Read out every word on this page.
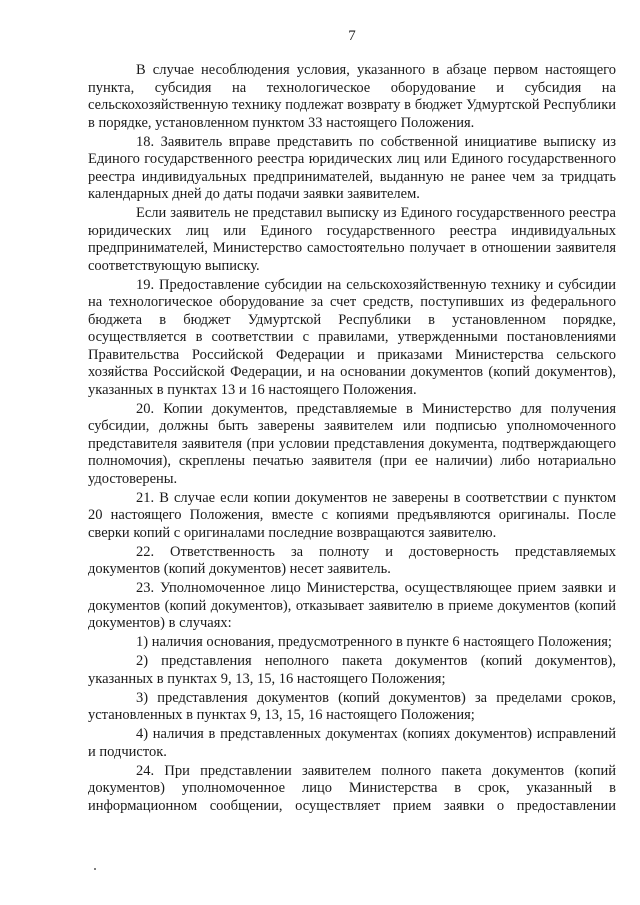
7

В случае несоблюдения условия, указанного в абзаце первом настоящего пункта, субсидия на технологическое оборудование и субсидия на сельскохозяйственную технику подлежат возврату в бюджет Удмуртской Республики в порядке, установленном пунктом 33 настоящего Положения.

18. Заявитель вправе представить по собственной инициативе выписку из Единого государственного реестра юридических лиц или Единого государственного реестра индивидуальных предпринимателей, выданную не ранее чем за тридцать календарных дней до даты подачи заявки заявителем.

Если заявитель не представил выписку из Единого государственного реестра юридических лиц или Единого государственного реестра индивидуальных предпринимателей, Министерство самостоятельно получает в отношении заявителя соответствующую выписку.

19. Предоставление субсидии на сельскохозяйственную технику и субсидии на технологическое оборудование за счет средств, поступивших из федерального бюджета в бюджет Удмуртской Республики в установленном порядке, осуществляется в соответствии с правилами, утвержденными постановлениями Правительства Российской Федерации и приказами Министерства сельского хозяйства Российской Федерации, и на основании документов (копий документов), указанных в пунктах 13 и 16 настоящего Положения.

20. Копии документов, представляемые в Министерство для получения субсидии, должны быть заверены заявителем или подписью уполномоченного представителя заявителя (при условии представления документа, подтверждающего полномочия), скреплены печатью заявителя (при ее наличии) либо нотариально удостоверены.

21. В случае если копии документов не заверены в соответствии с пунктом 20 настоящего Положения, вместе с копиями предъявляются оригиналы. После сверки копий с оригиналами последние возвращаются заявителю.

22. Ответственность за полноту и достоверность представляемых документов (копий документов) несет заявитель.

23. Уполномоченное лицо Министерства, осуществляющее прием заявки и документов (копий документов), отказывает заявителю в приеме документов (копий документов) в случаях:

1) наличия основания, предусмотренного в пункте 6 настоящего Положения;

2) представления неполного пакета документов (копий документов), указанных в пунктах 9, 13, 15, 16 настоящего Положения;

3) представления документов (копий документов) за пределами сроков, установленных в пунктах 9, 13, 15, 16 настоящего Положения;

4) наличия в представленных документах (копиях документов) исправлений и подчисток.

24. При представлении заявителем полного пакета документов (копий документов) уполномоченное лицо Министерства в срок, указанный в информационном сообщении, осуществляет прием заявки о предоставлении
